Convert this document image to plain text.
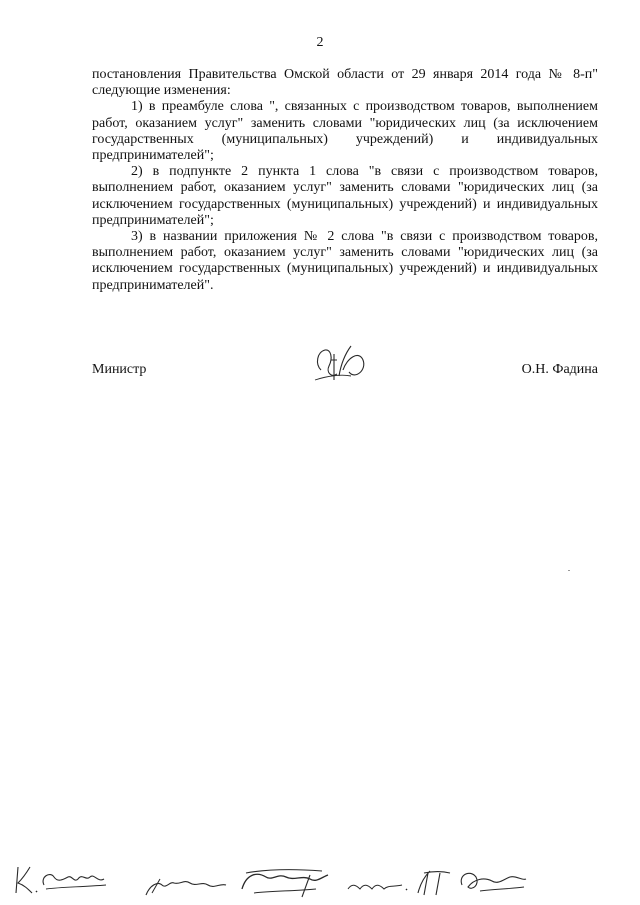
2

постановления Правительства Омской области от 29 января 2014 года № 8-п" следующие изменения:

1) в преамбуле слова ", связанных с производством товаров, выполнением работ, оказанием услуг" заменить словами "юридических лиц (за исключением государственных (муниципальных) учреждений) и индивидуальных предпринимателей";

2) в подпункте 2 пункта 1 слова "в связи с производством товаров, выполнением работ, оказанием услуг" заменить словами "юридических лиц (за исключением государственных (муниципальных) учреждений) и индивидуальных предпринимателей";

3) в названии приложения № 2 слова "в связи с производством товаров, выполнением работ, оказанием услуг" заменить словами "юридических лиц (за исключением государственных (муниципальных) учреждений) и индивидуальных предпринимателей".

Министр	О.Н. Фадина
